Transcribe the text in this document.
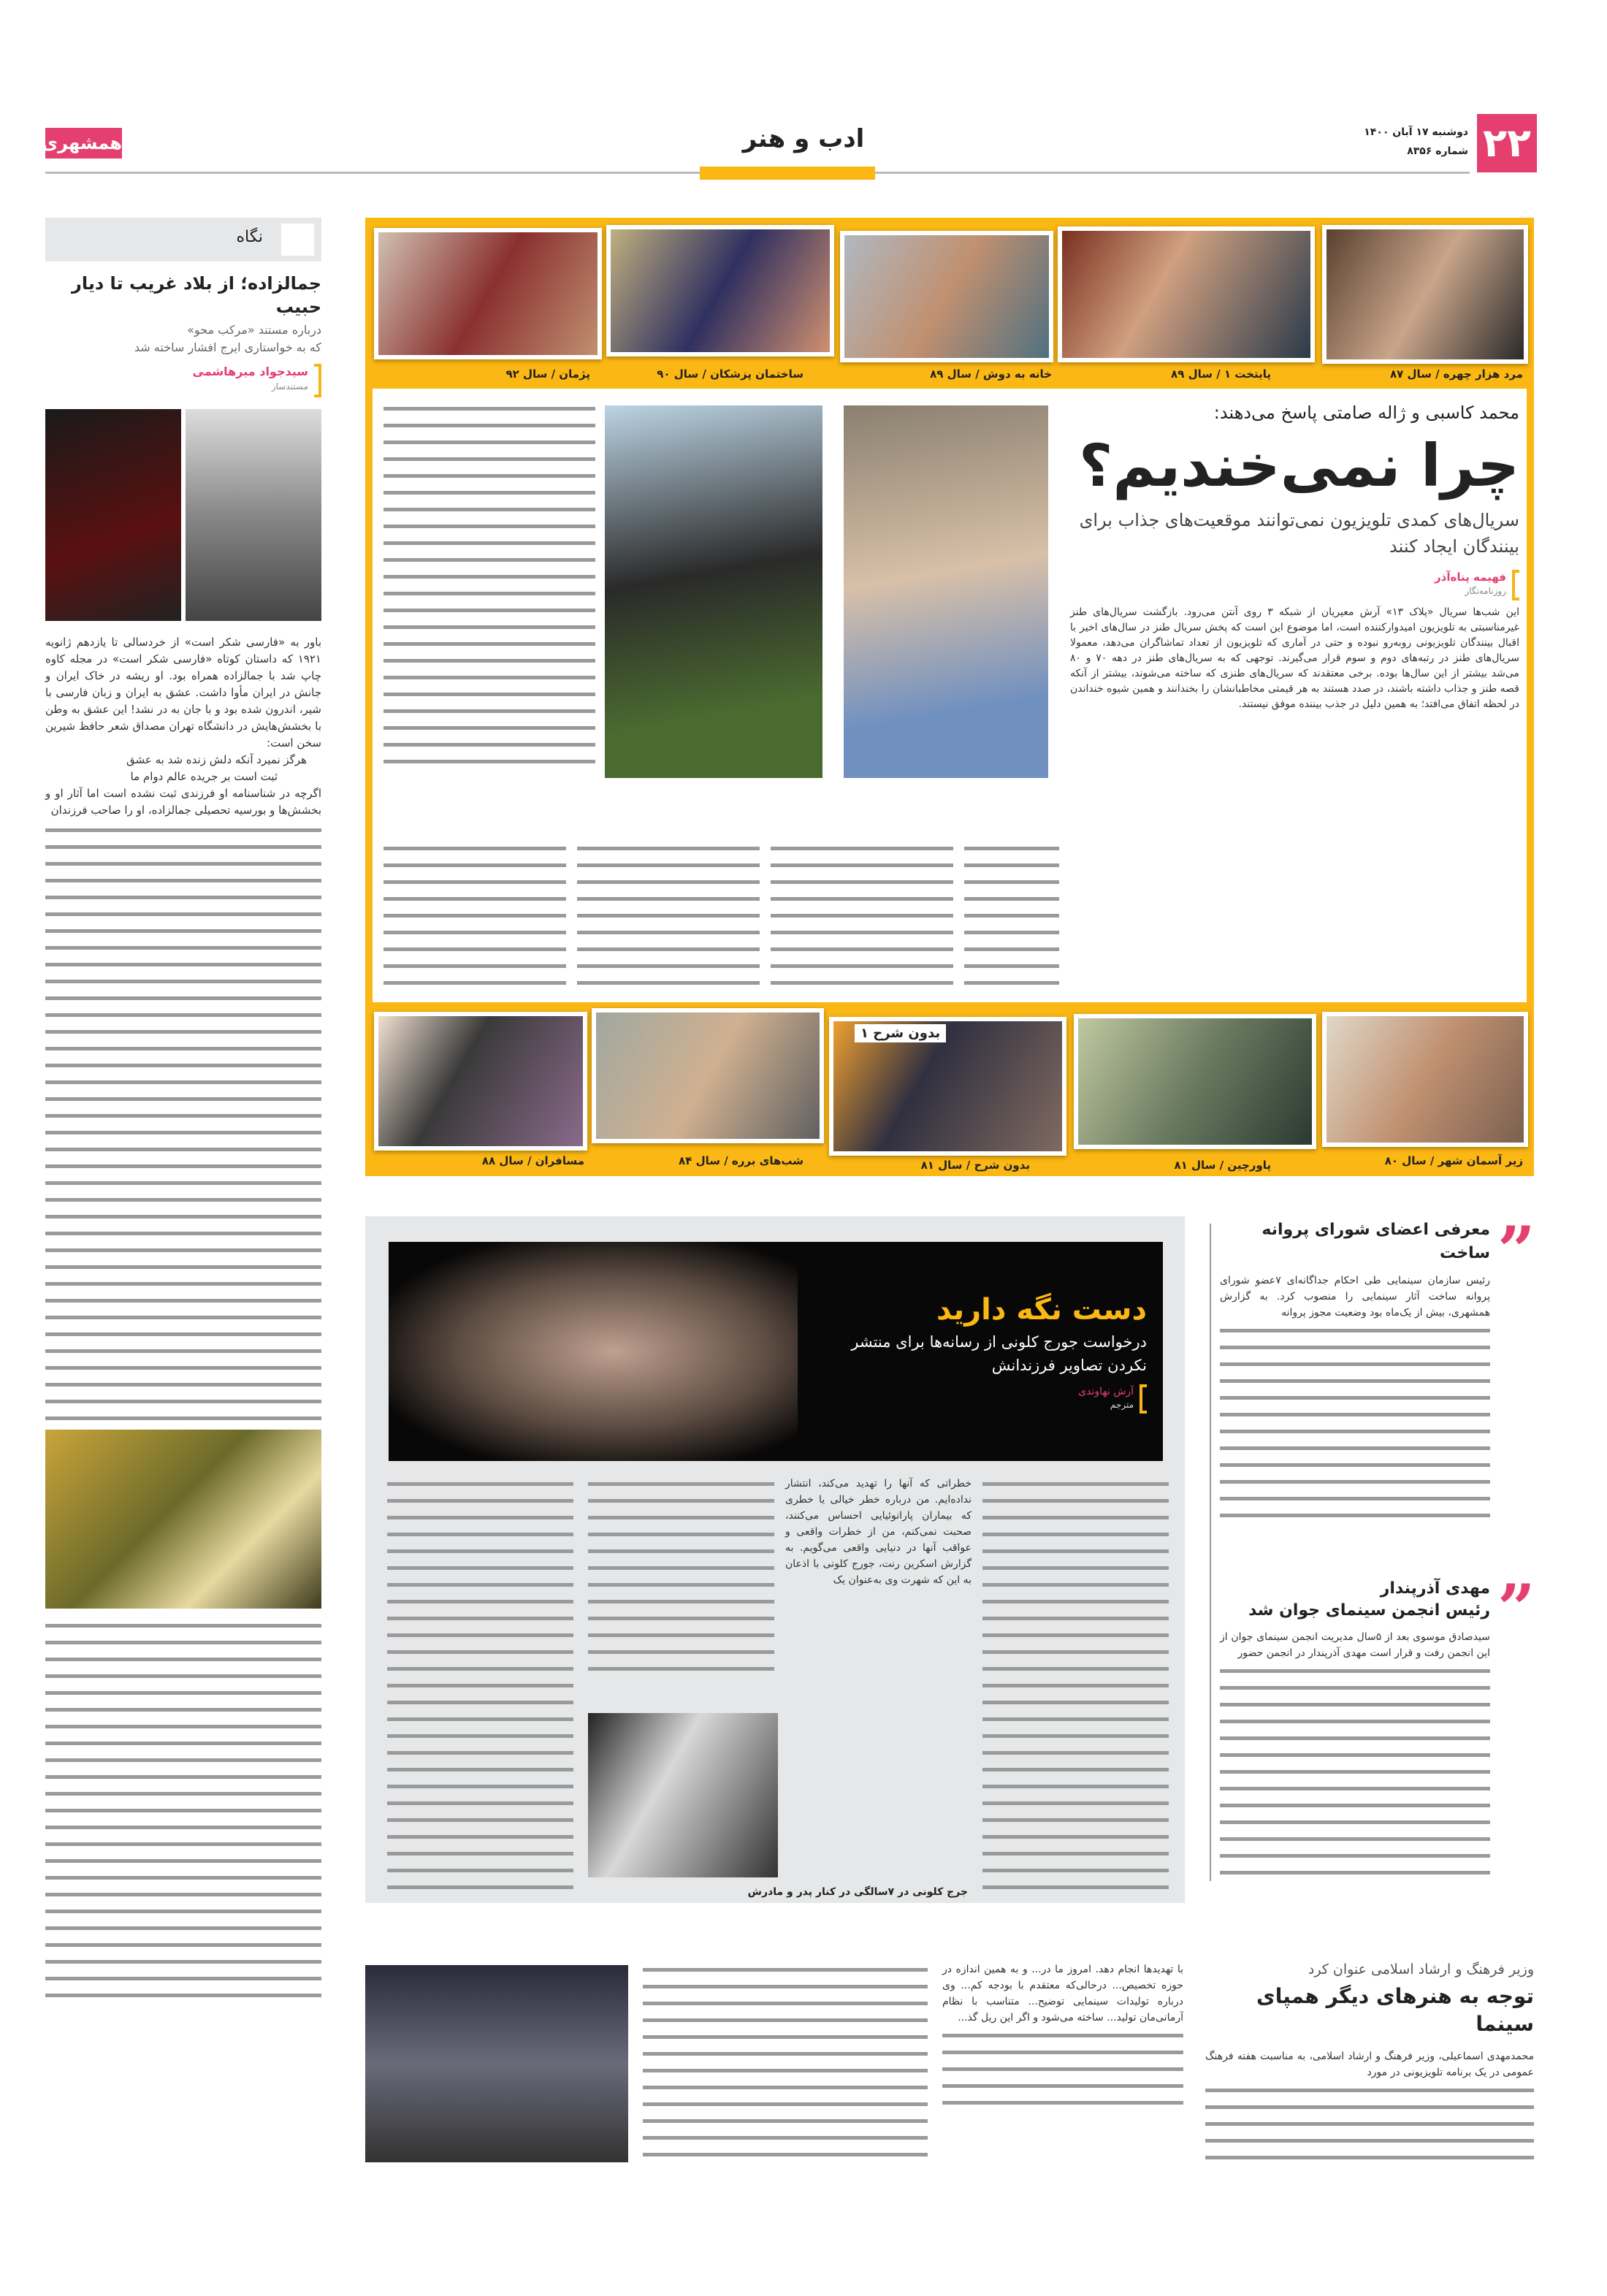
۲۲
دوشنبه ۱۷ آبان ۱۴۰۰
شماره ۸۳۵۶
ادب و هنر
همشهری
نگاه
جمالزاده؛ از بلاد غریب تا دیار حبیب
درباره مستند «مرکب محو»
که به خواستاری ایرج افشار ساخته شد
سیدجواد میرهاشمی
مستندساز
باور به «فارسی شکر است» از خردسالی تا یازدهم ژانویه ۱۹۲۱ که داستان کوتاه «فارسی شکر است» در مجله کاوه چاپ شد با جمالزاده همراه بود. او ریشه در خاک ایران و جانش در ایران مأوا داشت. عشق به ایران و زبان فارسی با شیر، اندرون شده بود و با جان به در نشد! این عشق به وطن با بخشش‌هایش در دانشگاه تهران مصداق شعر حافظ شیرین سخن است:
هرگز نمیرد آنکه دلش زنده شد به عشق
ثبت است بر جریده عالم دوام ما
اگرچه در شناسنامه او فرزندی ثبت نشده است اما آثار او و بخشش‌ها و بورسیه تحصیلی جمالزاده، او را صاحب فرزندان
مرد هزار چهره / سال ۸۷
پایتخت ۱ / سال ۸۹
خانه به دوش / سال ۸۹
ساختمان پزشکان / سال ۹۰
پژمان / سال ۹۲
محمد کاسبی و ژاله صامتی پاسخ می‌دهند:
چرا نمی‌خندیم؟
سریال‌های کمدی تلویزیون نمی‌توانند موقعیت‌های جذاب برای بینندگان ایجاد کنند
فهیمه پناه‌آذر
روزنامه‌نگار
این شب‌ها سریال «پلاک ۱۳» آرش معیریان از شبکه ۳ روی آنتن می‌رود. بازگشت سریال‌های طنز غیرمناسبتی به تلویزیون امیدوارکننده است، اما موضوع این است که پخش سریال طنز در سال‌های اخیر با اقبال بینندگان تلویزیونی روبه‌رو نبوده و حتی در آماری که تلویزیون از تعداد تماشاگران می‌دهد، معمولا سریال‌های طنز در رتبه‌های دوم و سوم قرار می‌گیرند. توجهی که به سریال‌های طنز در دهه ۷۰ و ۸۰ می‌شد بیشتر از این سال‌ها بوده. برخی معتقدند که سریال‌های طنزی که ساخته می‌شوند، بیشتر از آنکه قصه طنز و جذاب داشته باشند، در صدد هستند به هر قیمتی مخاطبانشان را بخندانند و همین شیوه خنداندن در لحظه اتفاق می‌افتد؛ به همین دلیل در جذب بیننده موفق نیستند.
بدون شرح ۱
زیر آسمان شهر / سال ۸۰
پاورچین / سال ۸۱
بدون شرح / سال ۸۱
شب‌های برره / سال ۸۴
مسافران / سال ۸۸
دست نگه دارید
درخواست جورج کلونی از رسانه‌ها برای منتشر نکردن تصاویر فرزندانش
آرش نهاوندی
مترجم
خطراتی که آنها را تهدید می‌کند، انتشار نداده‌ایم. من درباره خطر خیالی یا خطری که بیماران پارانوئیایی احساس می‌کنند، صحبت نمی‌کنم، من از خطرات واقعی و عواقب آنها در دنیایی واقعی می‌گویم. به گزارش اسکرین رنت، جورج کلونی با اذعان به این که شهرت وی به‌عنوان یک
جرج کلونی در ۷سالگی در کنار پدر و مادرش
”
معرفی اعضای شورای پروانه ساخت
رئیس سازمان سینمایی طی احکام جداگانه‌ای ۷عضو شورای پروانه ساخت آثار سینمایی را منصوب کرد. به گزارش همشهری، بیش از یک‌ماه بود وضعیت مجوز پروانه
”
مهدی آذرپندار
رئیس انجمن سینمای جوان شد
سیدصادق موسوی بعد از ۵سال مدیریت انجمن سینمای جوان از این انجمن رفت و قرار است مهدی آذرپندار در انجمن حضور
وزیر فرهنگ و ارشاد اسلامی عنوان کرد
توجه به هنرهای دیگر همپای سینما
محمدمهدی اسماعیلی، وزیر فرهنگ و ارشاد اسلامی، به مناسبت هفته فرهنگ عمومی در یک برنامه تلویزیونی در مورد
با تهدیدها انجام دهد. امروز ما در... و به همین اندازه در حوزه تخصیص... درحالی‌که معتقدم با بودجه کم... وی درباره تولیدات سینمایی توضیح... متناسب با نظام آرمانی‌مان تولید... ساخته می‌شود و اگر این ریل گذ...
